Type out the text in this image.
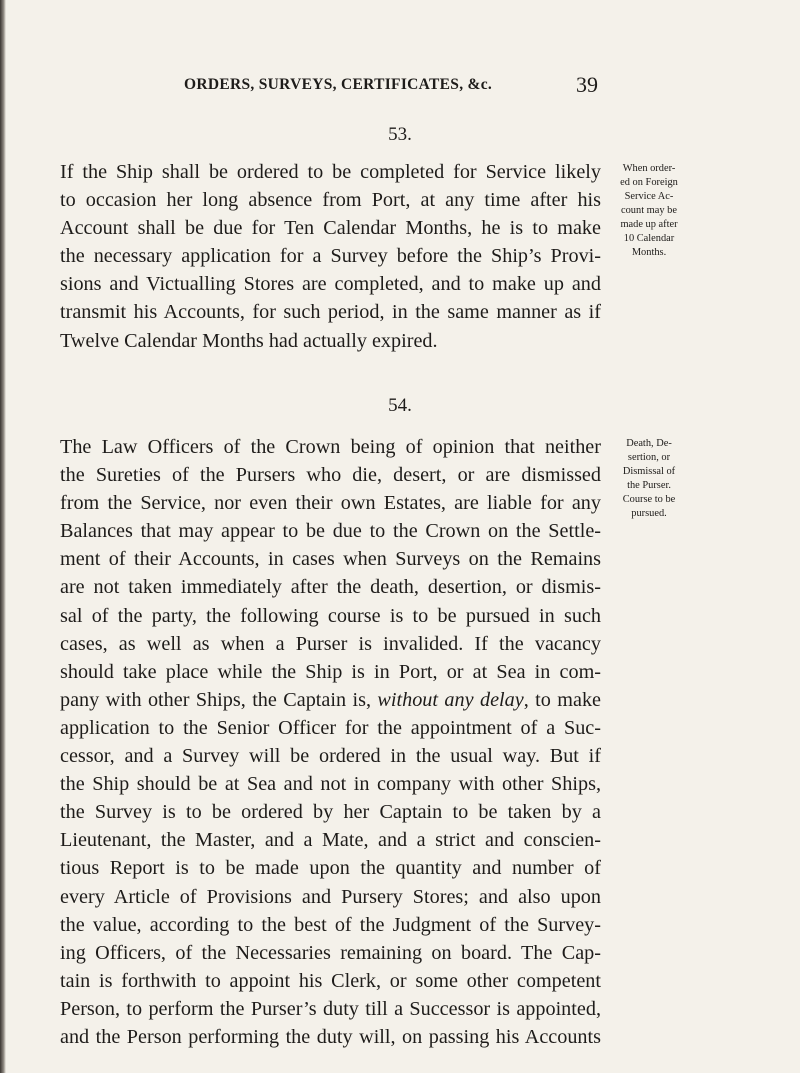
ORDERS, SURVEYS, CERTIFICATES, &c.	39
53.
If the Ship shall be ordered to be completed for Service likely
to occasion her long absence from Port, at any time after his
Account shall be due for Ten Calendar Months, he is to make
the necessary application for a Survey before the Ship’s Provi-
sions and Victualling Stores are completed, and to make up and
transmit his Accounts, for such period, in the same manner as if
Twelve Calendar Months had actually expired.
When order-
ed on Foreign
Service Ac-
count may be
made up after
10 Calendar
Months.
54.
The Law Officers of the Crown being of opinion that neither
the Sureties of the Pursers who die, desert, or are dismissed
from the Service, nor even their own Estates, are liable for any
Balances that may appear to be due to the Crown on the Settle-
ment of their Accounts, in cases when Surveys on the Remains
are not taken immediately after the death, desertion, or dismis-
sal of the party, the following course is to be pursued in such
cases, as well as when a Purser is invalided. If the vacancy
should take place while the Ship is in Port, or at Sea in com-
pany with other Ships, the Captain is, without any delay, to make
application to the Senior Officer for the appointment of a Suc-
cessor, and a Survey will be ordered in the usual way. But if
the Ship should be at Sea and not in company with other Ships,
the Survey is to be ordered by her Captain to be taken by a
Lieutenant, the Master, and a Mate, and a strict and conscien-
tious Report is to be made upon the quantity and number of
every Article of Provisions and Pursery Stores; and also upon
the value, according to the best of the Judgment of the Survey-
ing Officers, of the Necessaries remaining on board. The Cap-
tain is forthwith to appoint his Clerk, or some other competent
Person, to perform the Purser’s duty till a Successor is appointed,
and the Person performing the duty will, on passing his Accounts
Death, De-
sertion, or
Dismissal of
the Purser.
Course to be
pursued.
